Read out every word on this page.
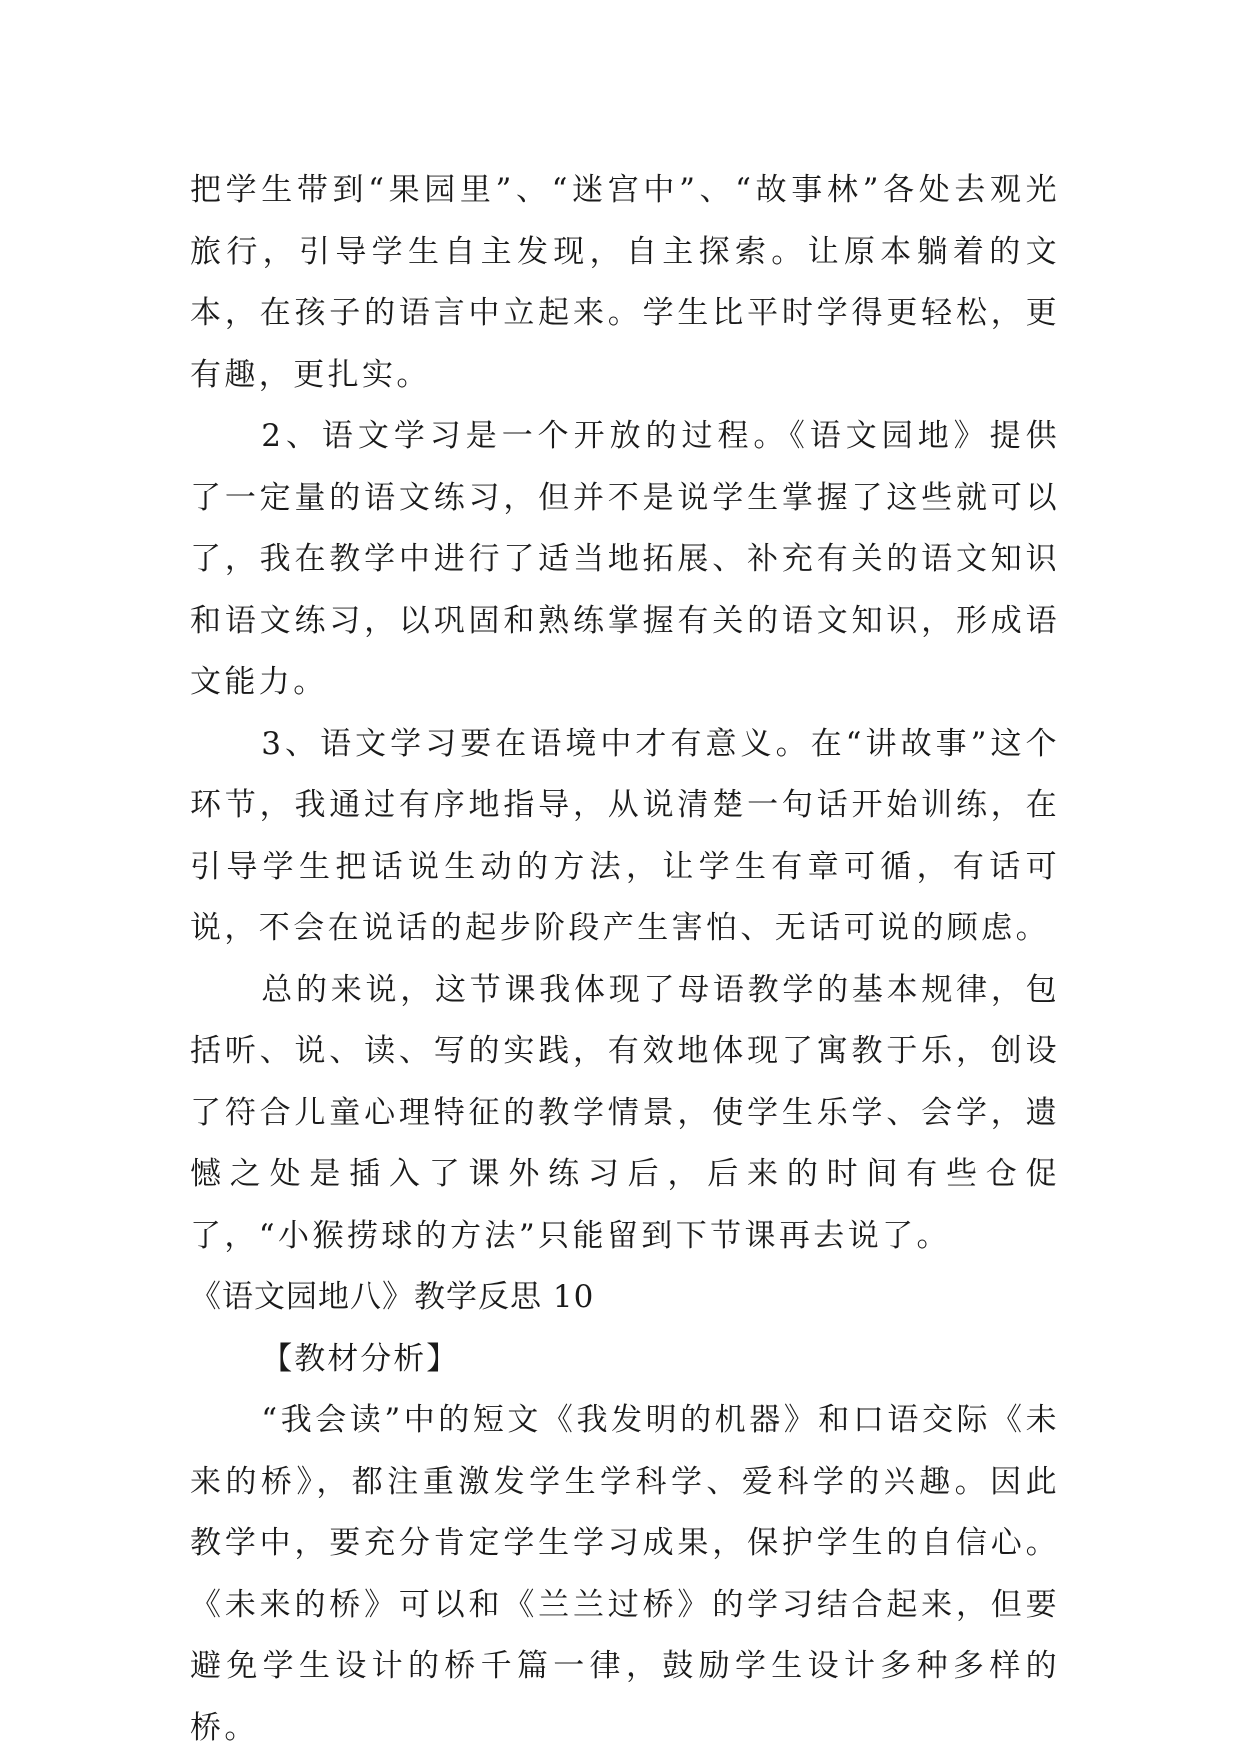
把学生带到“果园里”、“迷宫中”、“故事林”各处去观光旅行，引导学生自主发现，自主探索。让原本躺着的文本，在孩子的语言中立起来。学生比平时学得更轻松，更有趣，更扎实。

2、语文学习是一个开放的过程。《语文园地》提供了一定量的语文练习，但并不是说学生掌握了这些就可以了，我在教学中进行了适当地拓展、补充有关的语文知识和语文练习，以巩固和熟练掌握有关的语文知识，形成语文能力。

3、语文学习要在语境中才有意义。在“讲故事”这个环节，我通过有序地指导，从说清楚一句话开始训练，在引导学生把话说生动的方法，让学生有章可循，有话可说，不会在说话的起步阶段产生害怕、无话可说的顾虑。

总的来说，这节课我体现了母语教学的基本规律，包括听、说、读、写的实践，有效地体现了寓教于乐，创设了符合儿童心理特征的教学情景，使学生乐学、会学，遗憾之处是插入了课外练习后，后来的时间有些仓促了，“小猴捞球的方法”只能留到下节课再去说了。

《语文园地八》教学反思 10

【教材分析】

“我会读”中的短文《我发明的机器》和口语交际《未来的桥》，都注重激发学生学科学、爱科学的兴趣。因此教学中，要充分肯定学生学习成果，保护学生的自信心。《未来的桥》可以和《兰兰过桥》的学习结合起来，但要避免学生设计的桥千篇一律，鼓励学生设计多种多样的桥。
